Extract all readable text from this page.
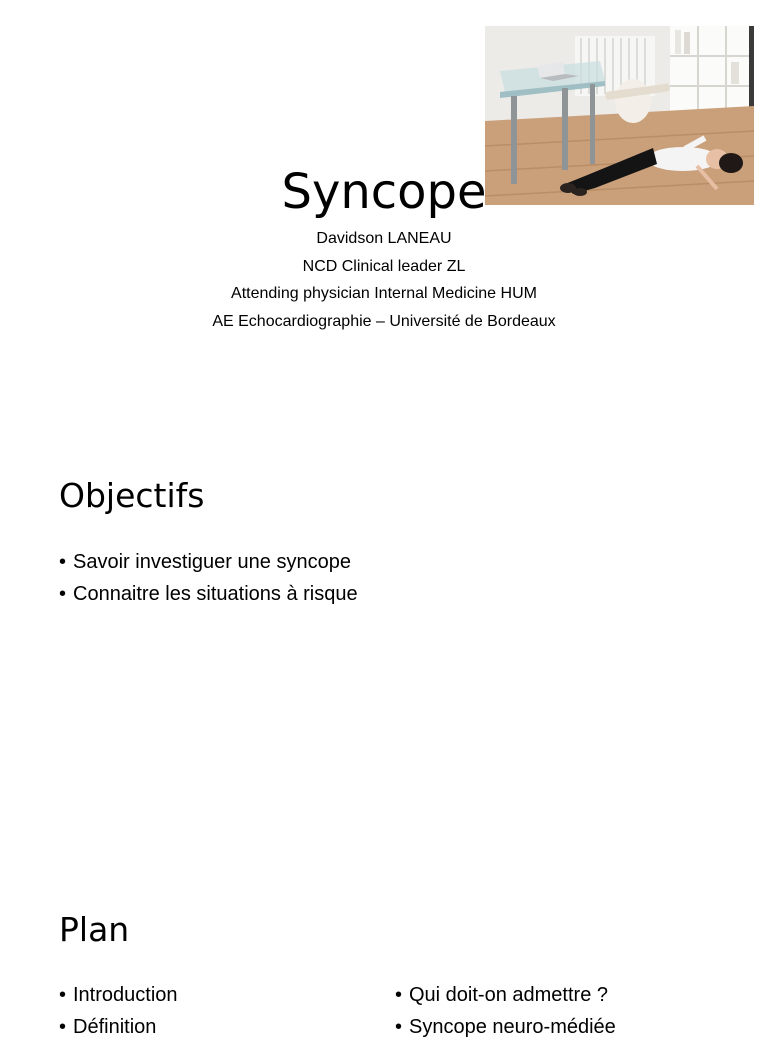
Syncope
Davidson LANEAU
NCD Clinical leader ZL
Attending physician Internal Medicine HUM
AE Echocardiographie – Université de Bordeaux
Objectifs
• Savoir investiguer une syncope
• Connaitre les situations à risque
Plan
• Introduction
• Définition
• Qui doit-on admettre ?
• Syncope neuro-médiée
